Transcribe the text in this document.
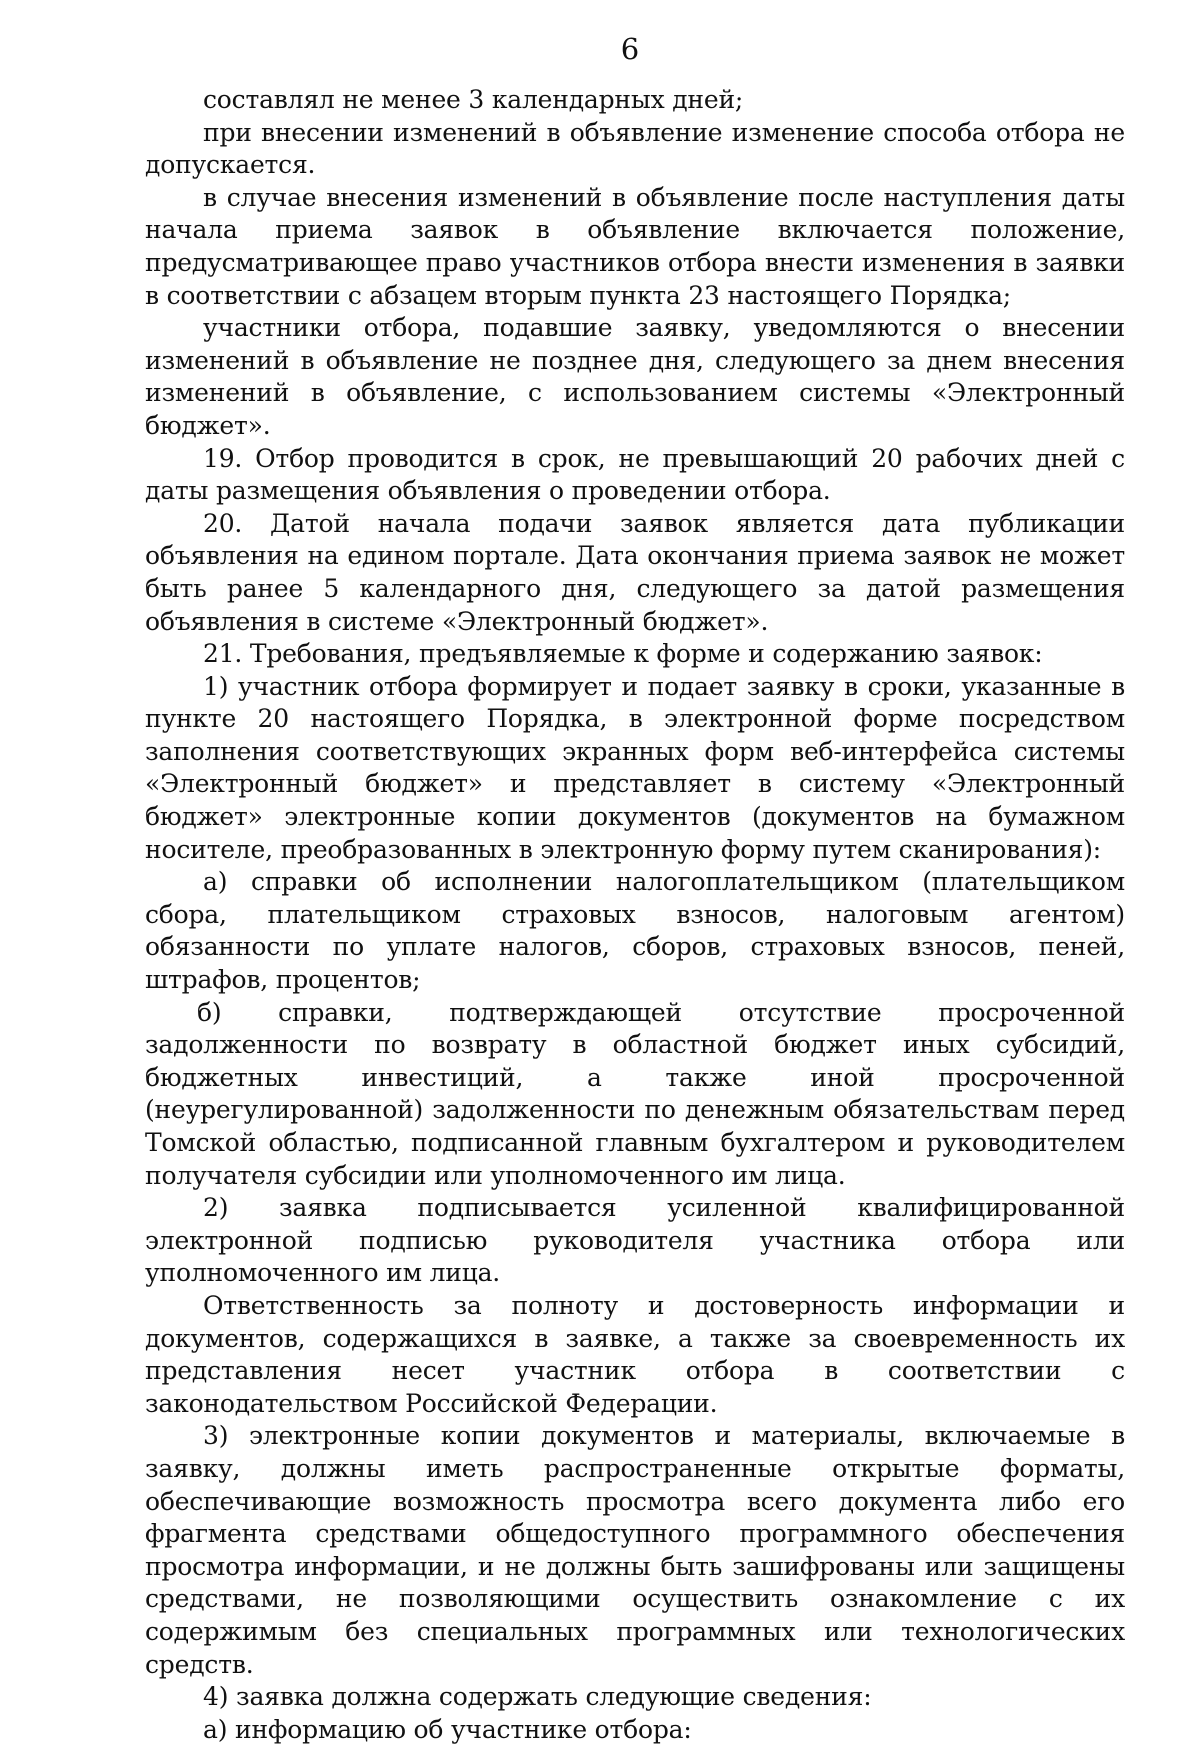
6

составлял не менее 3 календарных дней;

при внесении изменений в объявление изменение способа отбора не допускается.

в случае внесения изменений в объявление после наступления даты начала приема заявок в объявление включается положение, предусматривающее право участников отбора внести изменения в заявки в соответствии с абзацем вторым пункта 23 настоящего Порядка;

участники отбора, подавшие заявку, уведомляются о внесении изменений в объявление не позднее дня, следующего за днем внесения изменений в объявление, с использованием системы «Электронный бюджет».

19. Отбор проводится в срок, не превышающий 20 рабочих дней с даты размещения объявления о проведении отбора.

20. Датой начала подачи заявок является дата публикации объявления на едином портале. Дата окончания приема заявок не может быть ранее 5 календарного дня, следующего за датой размещения объявления в системе «Электронный бюджет».

21. Требования, предъявляемые к форме и содержанию заявок:

1) участник отбора формирует и подает заявку в сроки, указанные в пункте 20 настоящего Порядка, в электронной форме посредством заполнения соответствующих экранных форм веб-интерфейса системы «Электронный бюджет» и представляет в систему «Электронный бюджет» электронные копии документов (документов на бумажном носителе, преобразованных в электронную форму путем сканирования):

а) справки об исполнении налогоплательщиком (плательщиком сбора, плательщиком страховых взносов, налоговым агентом) обязанности по уплате налогов, сборов, страховых взносов, пеней, штрафов, процентов;

б) справки, подтверждающей отсутствие просроченной задолженности по возврату в областной бюджет иных субсидий, бюджетных инвестиций, а также иной просроченной (неурегулированной) задолженности по денежным обязательствам перед Томской областью, подписанной главным бухгалтером и руководителем получателя субсидии или уполномоченного им лица.

2) заявка подписывается усиленной квалифицированной электронной подписью руководителя участника отбора или уполномоченного им лица.

Ответственность за полноту и достоверность информации и документов, содержащихся в заявке, а также за своевременность их представления несет участник отбора в соответствии с законодательством Российской Федерации.

3) электронные копии документов и материалы, включаемые в заявку, должны иметь распространенные открытые форматы, обеспечивающие возможность просмотра всего документа либо его фрагмента средствами общедоступного программного обеспечения просмотра информации, и не должны быть зашифрованы или защищены средствами, не позволяющими осуществить ознакомление с их содержимым без специальных программных или технологических средств.

4) заявка должна содержать следующие сведения:

а) информацию об участнике отбора:
